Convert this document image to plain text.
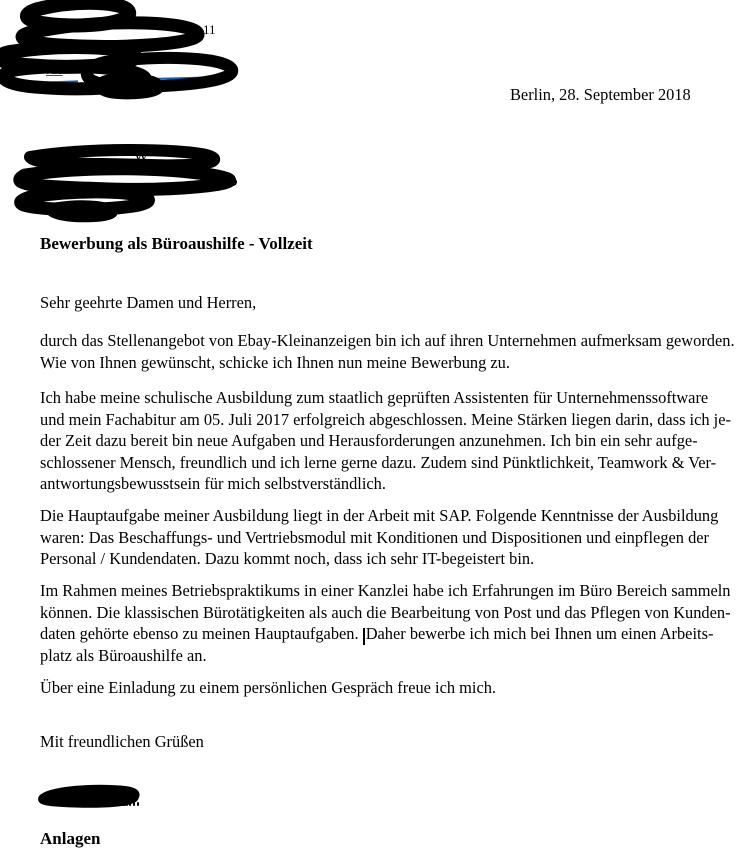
11
rde
Berlin, 28. September 2018
L	W
Bewerbung als Büroaushilfe - Vollzeit
Sehr geehrte Damen und Herren,
durch das Stellenangebot von Ebay-Kleinanzeigen bin ich auf ihren Unternehmen aufmerksam geworden.
Wie von Ihnen gewünscht, schicke ich Ihnen nun meine Bewerbung zu.
Ich habe meine schulische Ausbildung zum staatlich geprüften Assistenten für Unternehmenssoftware
und mein Fachabitur am 05. Juli 2017 erfolgreich abgeschlossen. Meine Stärken liegen darin, dass ich je-
der Zeit dazu bereit bin neue Aufgaben und Herausforderungen anzunehmen. Ich bin ein sehr aufge-
schlossener Mensch, freundlich und ich lerne gerne dazu. Zudem sind Pünktlichkeit, Teamwork & Ver-
antwortungsbewusstsein für mich selbstverständlich.
Die Hauptaufgabe meiner Ausbildung liegt in der Arbeit mit SAP. Folgende Kenntnisse der Ausbildung
waren: Das Beschaffungs- und Vertriebsmodul mit Konditionen und Dispositionen und einpflegen der
Personal / Kundendaten. Dazu kommt noch, dass ich sehr IT-begeistert bin.
Im Rahmen meines Betriebspraktikums in einer Kanzlei habe ich Erfahrungen im Büro Bereich sammeln
können. Die klassischen Bürotätigkeiten als auch die Bearbeitung von Post und das Pflegen von Kunden-
daten gehörte ebenso zu meinen Hauptaufgaben. Daher bewerbe ich mich bei Ihnen um einen Arbeits-
platz als Büroaushilfe an.
Über eine Einladung zu einem persönlichen Gespräch freue ich mich.
Mit freundlichen Grüßen
Anlagen
